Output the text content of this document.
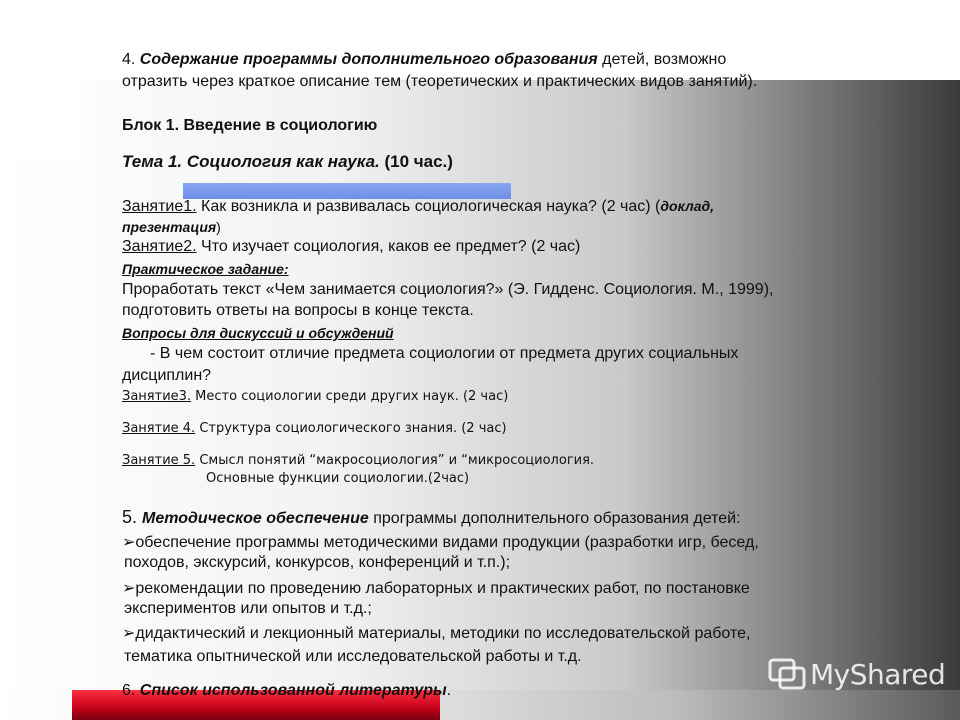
4. Содержание программы дополнительного образования детей, возможно
отразить через краткое описание тем (теоретических и практических видов занятий).
Блок 1. Введение в социологию
Тема 1. Социология как наука. (10 час.)
Занятие1. Как возникла и развивалась социологическая наука? (2 час) (доклад,
презентация)
Занятие2. Что изучает социология, каков ее предмет? (2 час)
Практическое задание:
Проработать текст «Чем занимается социология?» (Э. Гидденс. Социология. М., 1999),
подготовить ответы на вопросы в конце текста.
Вопросы для дискуссий и обсуждений
- В чем состоит отличие предмета социологии от предмета других социальных
дисциплин?
Занятие3. Место социологии среди других наук. (2 час)
Занятие 4. Структура социологического знания. (2 час)
Занятие 5. Смысл понятий “макросоциология” и “микросоциология.
Основные функции социологии.(2час)
5. Методическое обеспечение программы дополнительного образования детей:
➢обеспечение программы методическими видами продукции (разработки игр, бесед,
походов, экскурсий, конкурсов, конференций и т.п.);
➢рекомендации по проведению лабораторных и практических работ, по постановке
экспериментов или опытов и т.д.;
➢дидактический и лекционный материалы, методики по исследовательской работе,
тематика опытнической или исследовательской работы и т.д.
6. Список использованной литературы.	MyShared
